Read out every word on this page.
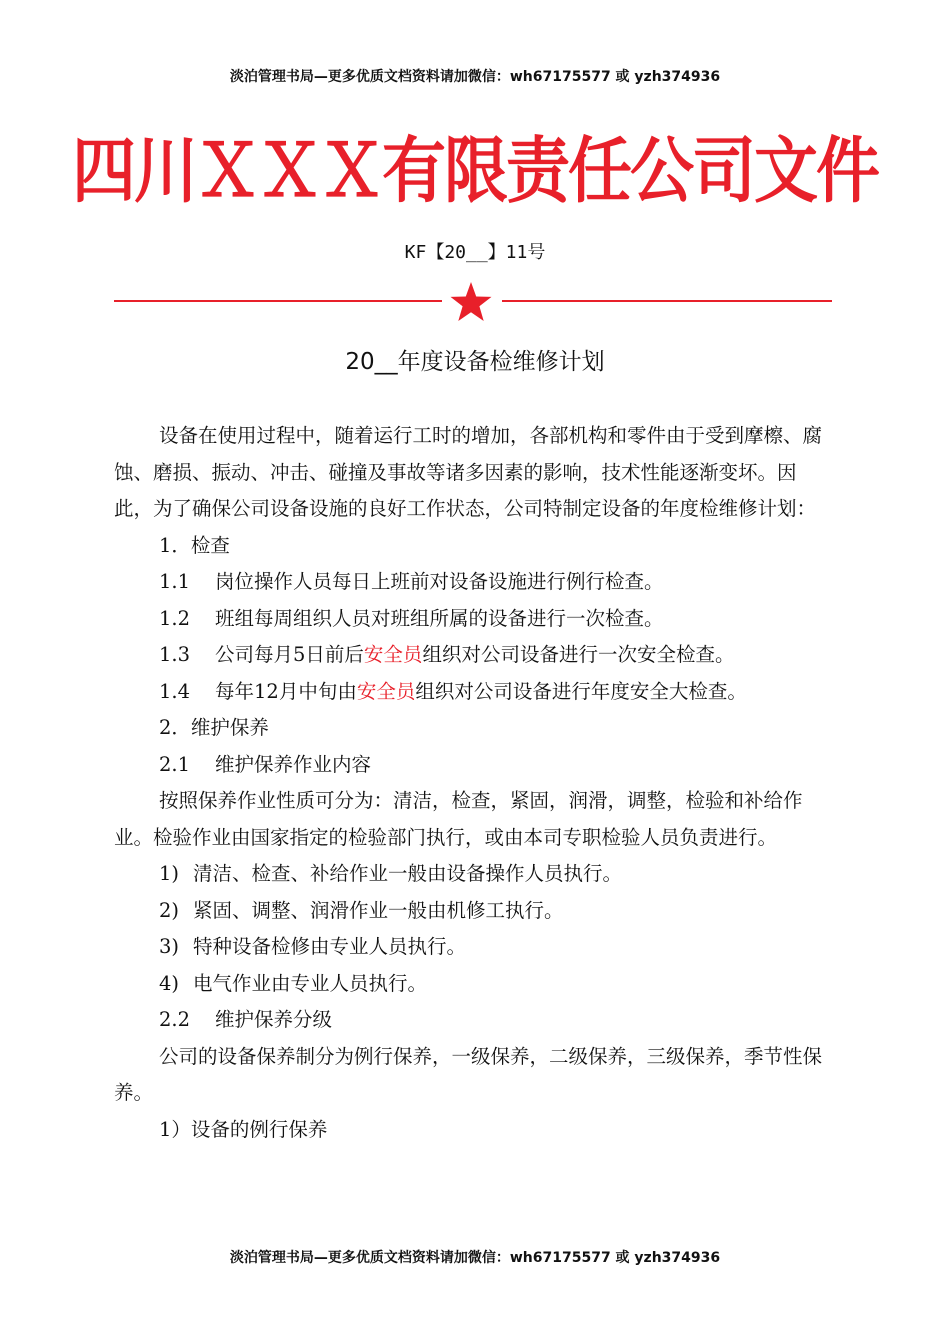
淡泊管理书局—更多优质文档资料请加微信：wh67175577 或 yzh374936
四川ＸＸＸ有限责任公司文件
KF【20__】11号
20__年度设备检维修计划

设备在使用过程中，随着运行工时的增加，各部机构和零件由于受到摩檫、腐蚀、磨损、振动、冲击、碰撞及事故等诸多因素的影响，技术性能逐渐变坏。因此，为了确保公司设备设施的良好工作状态，公司特制定设备的年度检维修计划：

1．检查

1.1 岗位操作人员每日上班前对设备设施进行例行检查。

1.2 班组每周组织人员对班组所属的设备进行一次检查。

1.3 公司每月5日前后安全员组织对公司设备进行一次安全检查。

1.4 每年12月中旬由安全员组织对公司设备进行年度安全大检查。

2．维护保养

2.1 维护保养作业内容

按照保养作业性质可分为：清洁，检查，紧固，润滑，调整，检验和补给作业。检验作业由国家指定的检验部门执行，或由本司专职检验人员负责进行。

1) 清洁、检查、补给作业一般由设备操作人员执行。

2) 紧固、调整、润滑作业一般由机修工执行。

3) 特种设备检修由专业人员执行。

4) 电气作业由专业人员执行。

2.2 维护保养分级

公司的设备保养制分为例行保养，一级保养，二级保养，三级保养，季节性保养。

1）设备的例行保养

淡泊管理书局—更多优质文档资料请加微信：wh67175577 或 yzh374936
